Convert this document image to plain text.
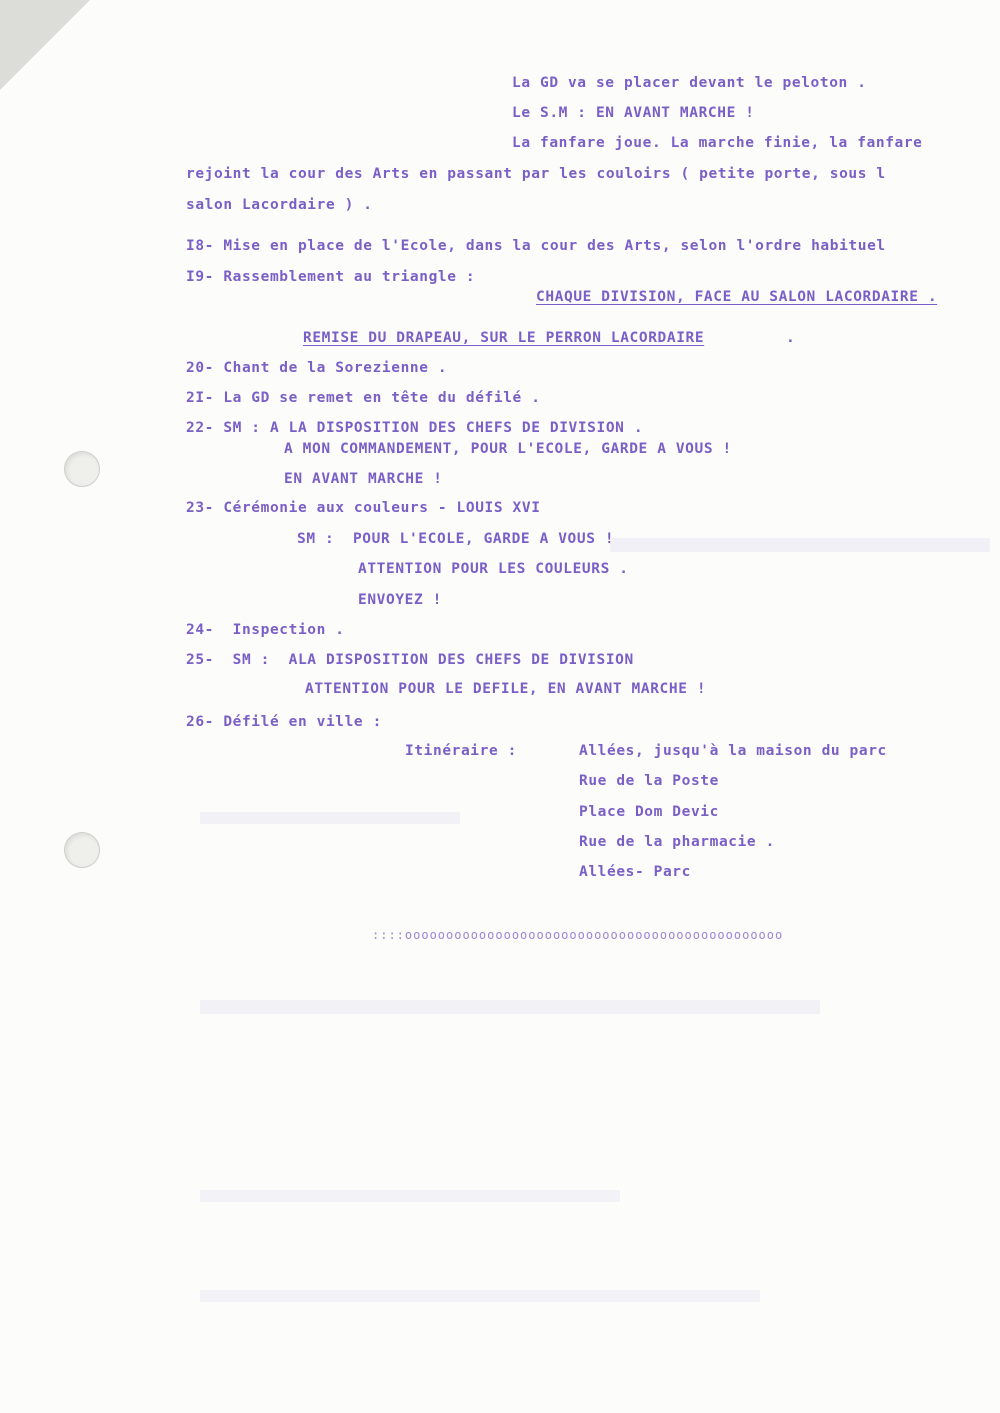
La GD va se placer devant le peloton .
Le S.M : EN AVANT MARCHE !
La fanfare joue. La marche finie, la fanfare
rejoint la cour des Arts en passant par les couloirs ( petite porte, sous l
salon Lacordaire ) .
I8- Mise en place de l'Ecole, dans la cour des Arts, selon l'ordre habituel
I9- Rassemblement au triangle :
CHAQUE DIVISION, FACE AU SALON LACORDAIRE .
REMISE DU DRAPEAU, SUR LE PERRON LACORDAIRE	.
20- Chant de la Sorezienne .
2I- La GD se remet en tête du défilé .
22- SM : A LA DISPOSITION DES CHEFS DE DIVISION .
A MON COMMANDEMENT, POUR L'ECOLE, GARDE A VOUS !
EN AVANT MARCHE !
23- Cérémonie aux couleurs - LOUIS XVI
SM :  POUR L'ECOLE, GARDE A VOUS !
ATTENTION POUR LES COULEURS .
ENVOYEZ !
24-  Inspection .
25-  SM :  ALA DISPOSITION DES CHEFS DE DIVISION
ATTENTION POUR LE DEFILE, EN AVANT MARCHE !
26- Défilé en ville :
Itinéraire :	Allées, jusqu'à la maison du parc
Rue de la Poste
Place Dom Devic
Rue de la pharmacie .
Allées- Parc
::::oooooooooooooooooooooooooooooooooooooooooooooo
